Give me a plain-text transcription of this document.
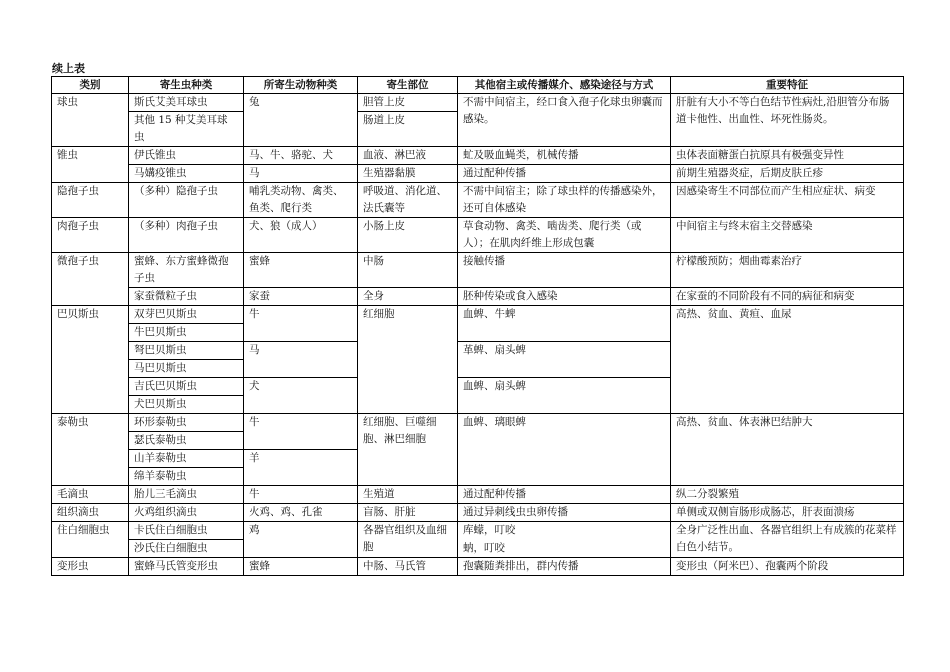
续上表
类别	寄生虫种类	所寄生动物种类	寄生部位	其他宿主或传播媒介、感染途径与方式	重要特征
球虫	斯氏艾美耳球虫	兔	胆管上皮	不需中间宿主，经口食入孢子化球虫卵囊而感染。	肝脏有大小不等白色结节性病灶,沿胆管分布肠道卡他性、出血性、坏死性肠炎。
	其他 15 种艾美耳球虫		肠道上皮		
锥虫	伊氏锥虫	马、牛、骆驼、犬	血液、淋巴液	虻及吸血蝇类，机械传播	虫体表面糖蛋白抗原具有极强变异性
	马媾疫锥虫	马	生殖器黏膜	通过配种传播	前期生殖器炎症，后期皮肤丘疹
隐孢子虫	（多种）隐孢子虫	哺乳类动物、禽类、鱼类、爬行类	呼吸道、消化道、法氏囊等	不需中间宿主；除了球虫样的传播感染外，还可自体感染	因感染寄生不同部位而产生相应症状、病变
肉孢子虫	（多种）肉孢子虫	犬、狼（成人）	小肠上皮	草食动物、禽类、啮齿类、爬行类（或人）；在肌肉纤维上形成包囊	中间宿主与终末宿主交替感染
微孢子虫	蜜蜂、东方蜜蜂微孢子虫	蜜蜂	中肠	接触传播	柠檬酸预防；烟曲霉素治疗
	家蚕微粒子虫	家蚕	全身	胚种传染或食入感染	在家蚕的不同阶段有不同的病征和病变
巴贝斯虫	双芽巴贝斯虫	牛	红细胞	血蜱、牛蜱	高热、贫血、黄疸、血尿
	牛巴贝斯虫				
	弩巴贝斯虫	马		革蜱、扇头蜱	
	马巴贝斯虫				
	吉氏巴贝斯虫	犬		血蜱、扇头蜱	
	犬巴贝斯虫				
泰勒虫	环形泰勒虫	牛	红细胞、巨噬细胞、淋巴细胞	血蜱、璃眼蜱	高热、贫血、体表淋巴结肿大
	瑟氏泰勒虫				
	山羊泰勒虫	羊			
	绵羊泰勒虫				
毛滴虫	胎儿三毛滴虫	牛	生殖道	通过配种传播	纵二分裂繁殖
组织滴虫	火鸡组织滴虫	火鸡、鸡、孔雀	盲肠、肝脏	通过异刺线虫虫卵传播	单侧或双侧盲肠形成肠芯，肝表面溃疡
住白细胞虫	卡氏住白细胞虫	鸡	各器官组织及血细胞	库蠓，叮咬	全身广泛性出血、各器官组织上有成簇的花菜样白色小结节。
	沙氏住白细胞虫			蚋，叮咬	
变形虫	蜜蜂马氏管变形虫	蜜蜂	中肠、马氏管	孢囊随粪排出，群内传播	变形虫（阿米巴）、孢囊两个阶段
